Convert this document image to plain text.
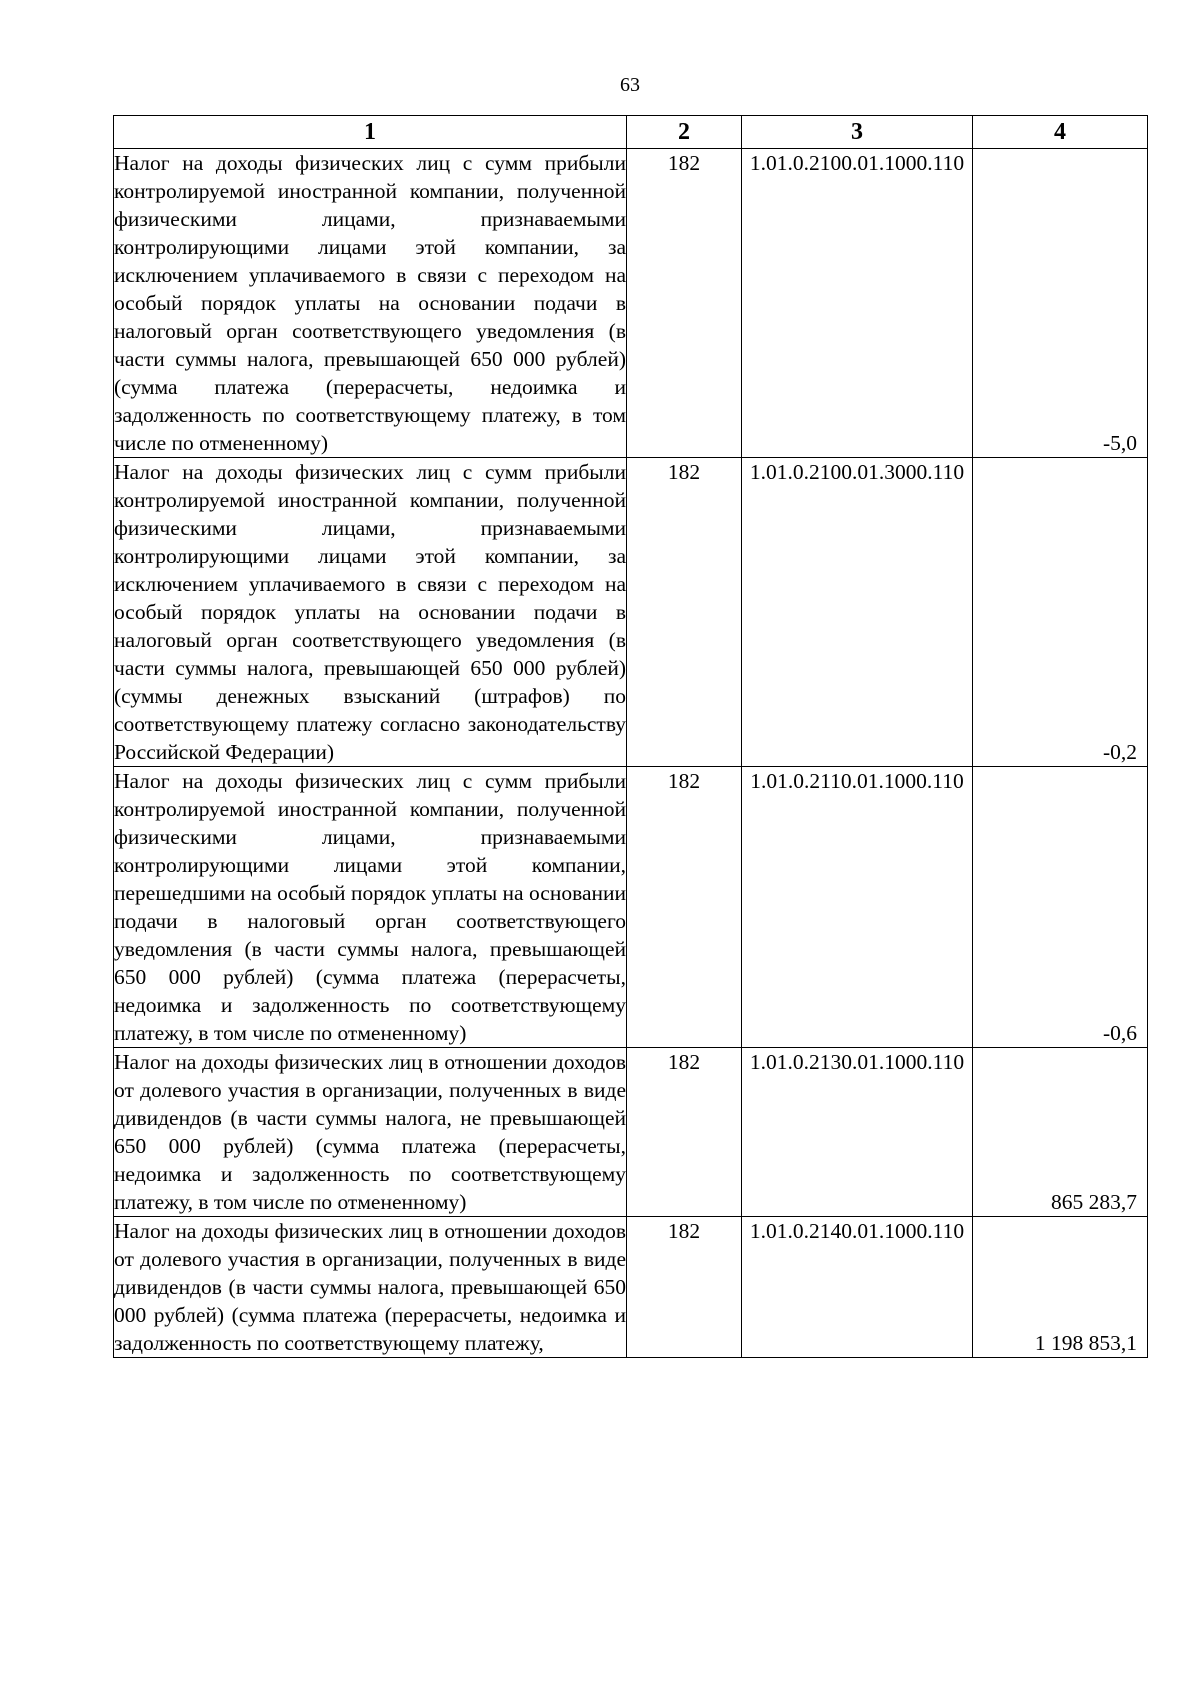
63
1	2	3	4
Налог на доходы физических лиц с сумм прибыли контролируемой иностранной компании, полученной физическими лицами, признаваемыми контролирующими лицами этой компании, за исключением уплачиваемого в связи с переходом на особый порядок уплаты на основании подачи в налоговый орган соответствующего уведомления (в части суммы налога, превышающей 650 000 рублей) (сумма платежа (перерасчеты, недоимка и задолженность по соответствующему платежу, в том числе по отмененному)	182	1.01.0.2100.01.1000.110	-5,0
Налог на доходы физических лиц с сумм прибыли контролируемой иностранной компании, полученной физическими лицами, признаваемыми контролирующими лицами этой компании, за исключением уплачиваемого в связи с переходом на особый порядок уплаты на основании подачи в налоговый орган соответствующего уведомления (в части суммы налога, превышающей 650 000 рублей) (суммы денежных взысканий (штрафов) по соответствующему платежу согласно законодательству Российской Федерации)	182	1.01.0.2100.01.3000.110	-0,2
Налог на доходы физических лиц с сумм прибыли контролируемой иностранной компании, полученной физическими лицами, признаваемыми контролирующими лицами этой компании, перешедшими на особый порядок уплаты на основании подачи в налоговый орган соответствующего уведомления (в части суммы налога, превышающей 650 000 рублей) (сумма платежа (перерасчеты, недоимка и задолженность по соответствующему платежу, в том числе по отмененному)	182	1.01.0.2110.01.1000.110	-0,6
Налог на доходы физических лиц в отношении доходов от долевого участия в организации, полученных в виде дивидендов (в части суммы налога, не превышающей 650 000 рублей) (сумма платежа (перерасчеты, недоимка и задолженность по соответствующему платежу, в том числе по отмененному)	182	1.01.0.2130.01.1000.110	865 283,7
Налог на доходы физических лиц в отношении доходов от долевого участия в организации, полученных в виде дивидендов (в части суммы налога, превышающей 650 000 рублей) (сумма платежа (перерасчеты, недоимка и задолженность по соответствующему платежу,	182	1.01.0.2140.01.1000.110	1 198 853,1
